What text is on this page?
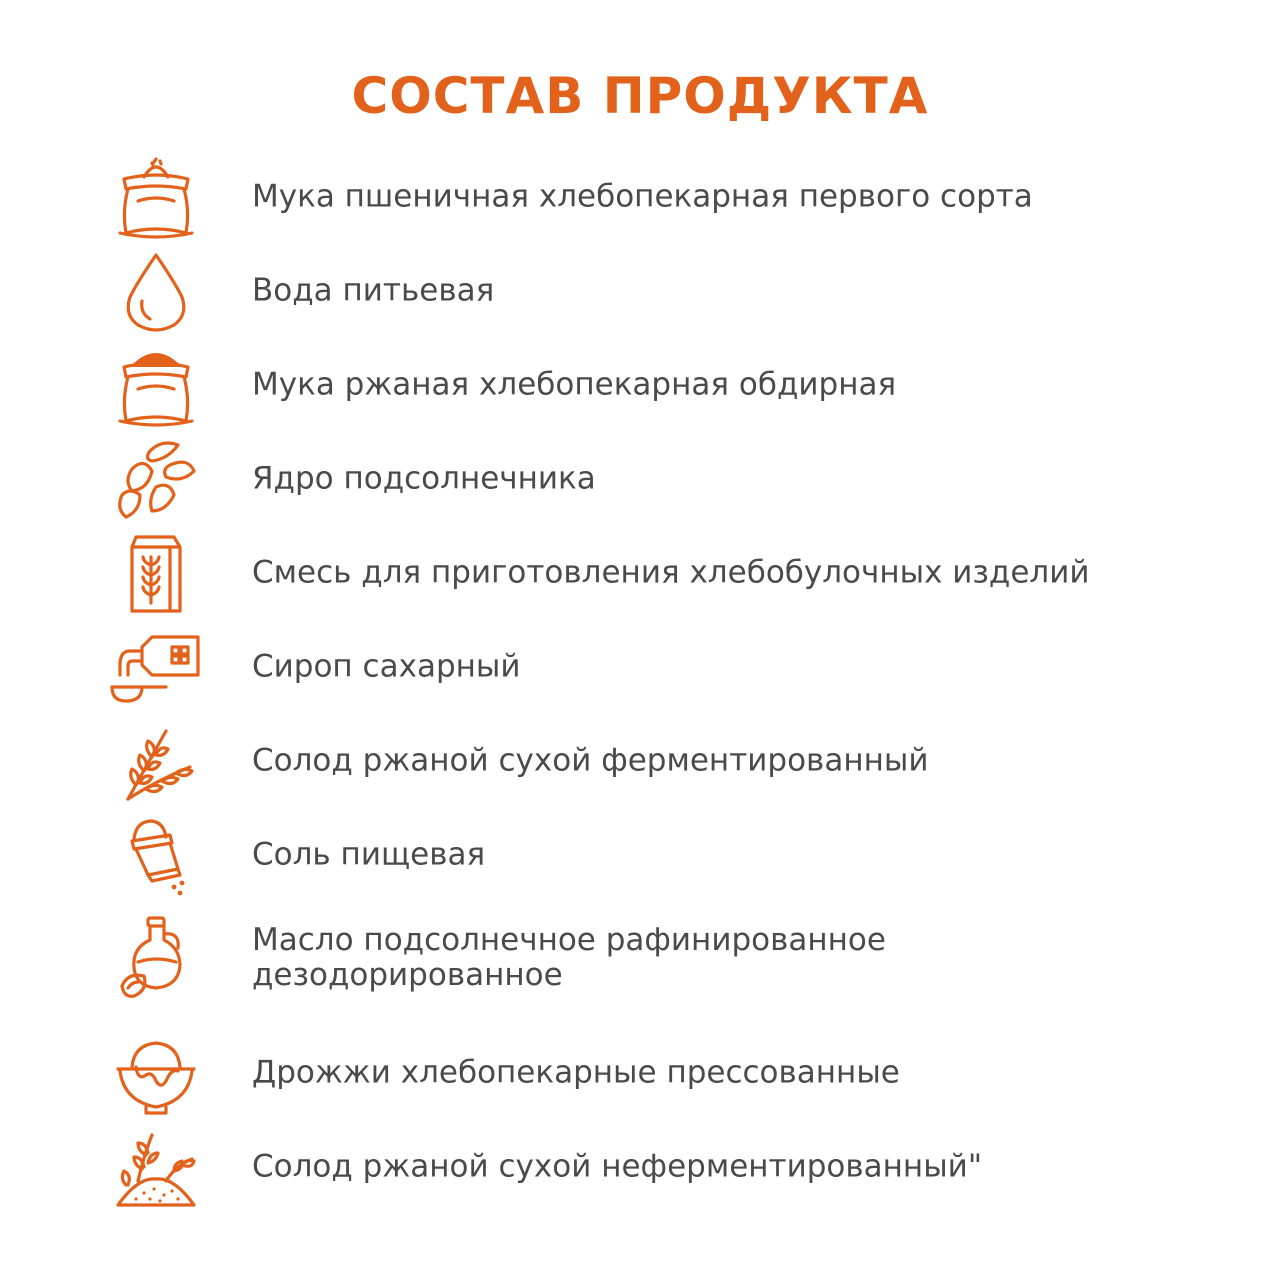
СОСТАВ ПРОДУКТА
Мука пшеничная хлебопекарная первого сорта
Вода питьевая
Мука ржаная хлебопекарная обдирная
Ядро подсолнечника
Смесь для приготовления хлебобулочных изделий
Сироп сахарный
Солод ржаной сухой ферментированный
Соль пищевая
Масло подсолнечное рафинированное
дезодорированное
Дрожжи хлебопекарные прессованные
Солод ржаной сухой неферментированный"
